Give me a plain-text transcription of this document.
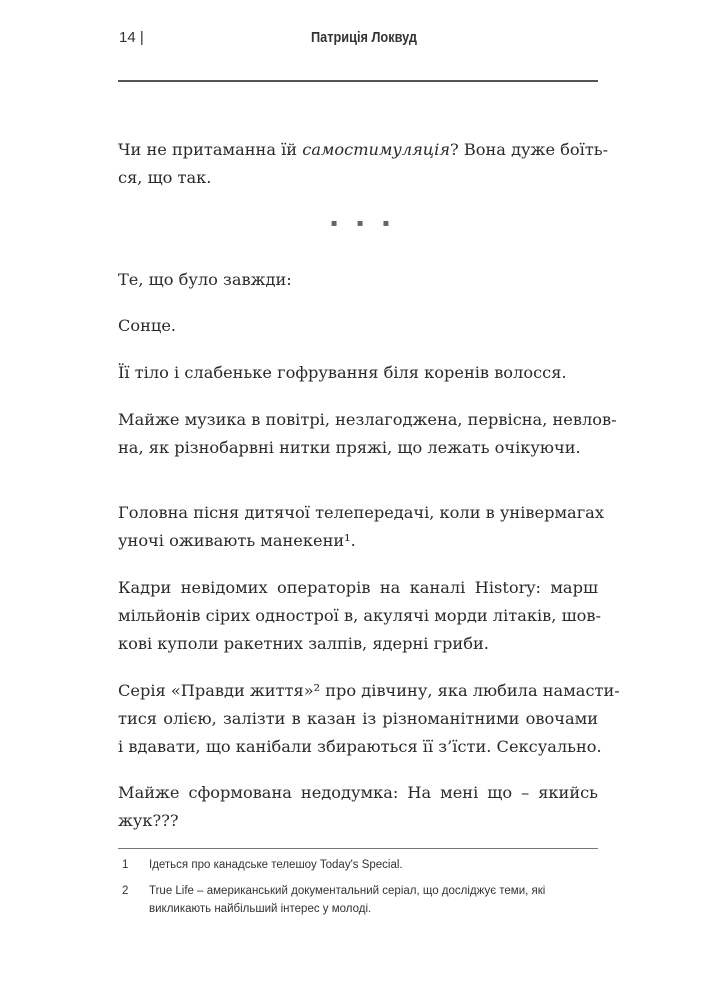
14 |	Патриція Локвуд
Чи не притаманна їй самостимуляція? Вона дуже боїть-
ся, що так.
▪ ▪ ▪
Те, що було завжди:
Сонце.
Її тіло і слабеньке гофрування біля коренів волосся.
Майже музика в повітрі, незлагоджена, первісна, невлов-
на, як різнобарвні нитки пряжі, що лежать очікуючи.
Головна пісня дитячої телепередачі, коли в універмагах
уночі оживають манекени¹.
Кадри невідомих операторів на каналі History: марш
мільйонів сірих однострої в, акулячі морди літаків, шов-
кові куполи ракетних залпів, ядерні гриби.
Серія «Правди життя»² про дівчину, яка любила намасти-
тися олією, залізти в казан із різноманітними овочами
і вдавати, що канібали збираються її з’їсти. Сексуально.
Майже сформована недодумка: На мені що – якийсь
жук???
1 Ідеться про канадське телешоу Today's Special.
2 True Life – американський документальний серіал, що досліджує теми, які викликають найбільший інтерес у молоді.
